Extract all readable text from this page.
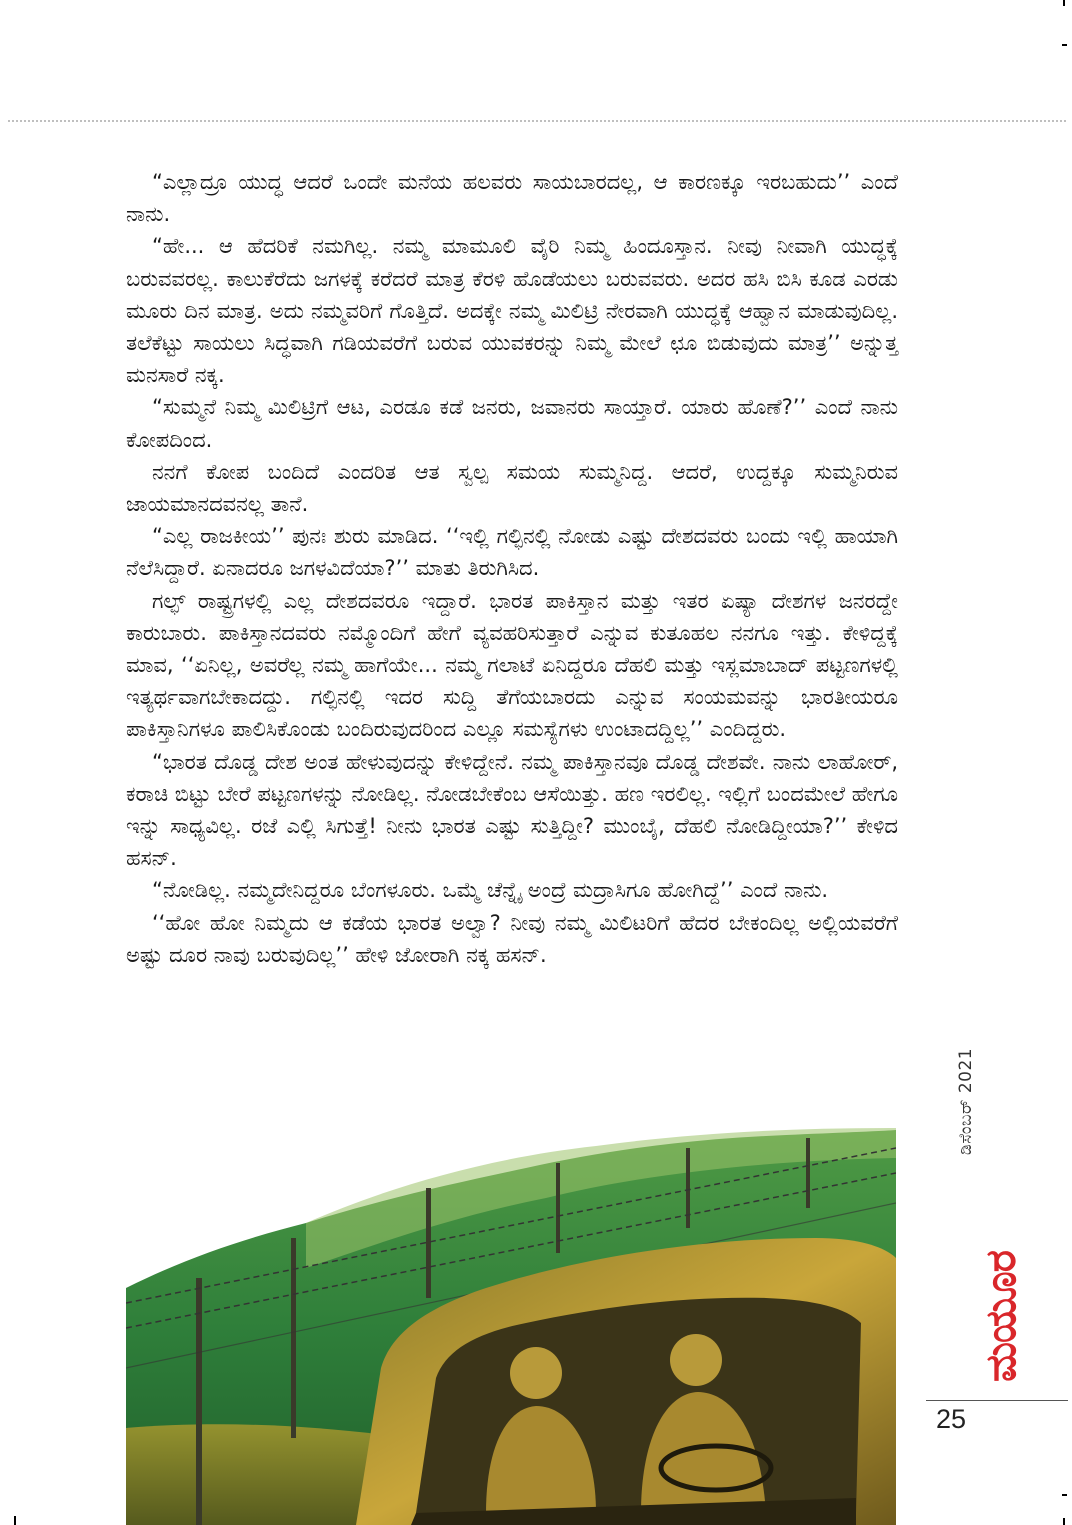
“ಎಲ್ಲಾದ್ರೂ ಯುದ್ಧ ಆದರೆ ಒಂದೇ ಮನೆಯ ಹಲವರು ಸಾಯಬಾರದಲ್ಲ, ಆ ಕಾರಣಕ್ಕೂ ಇರಬಹುದು’’ ಎಂದೆ ನಾನು.

“ಹೇ... ಆ ಹೆದರಿಕೆ ನಮಗಿಲ್ಲ. ನಮ್ಮ ಮಾಮೂಲಿ ವೈರಿ ನಿಮ್ಮ ಹಿಂದೂಸ್ತಾನ. ನೀವು ನೀವಾಗಿ ಯುದ್ಧಕ್ಕೆ ಬರುವವರಲ್ಲ. ಕಾಲುಕೆರೆದು ಜಗಳಕ್ಕೆ ಕರೆದರೆ ಮಾತ್ರ ಕೆರಳಿ ಹೊಡೆಯಲು ಬರುವವರು. ಅದರ ಹಸಿ ಬಿಸಿ ಕೂಡ ಎರಡು ಮೂರು ದಿನ ಮಾತ್ರ. ಅದು ನಮ್ಮವರಿಗೆ ಗೊತ್ತಿದೆ. ಅದಕ್ಕೇ ನಮ್ಮ ಮಿಲಿಟ್ರಿ ನೇರವಾಗಿ ಯುದ್ಧಕ್ಕೆ ಆಹ್ವಾನ ಮಾಡುವುದಿಲ್ಲ. ತಲೆಕೆಟ್ಟು ಸಾಯಲು ಸಿದ್ಧವಾಗಿ ಗಡಿಯವರೆಗೆ ಬರುವ ಯುವಕರನ್ನು ನಿಮ್ಮ ಮೇಲೆ ಛೂ ಬಿಡುವುದು ಮಾತ್ರ’’ ಅನ್ನುತ್ತ ಮನಸಾರೆ ನಕ್ಕ.

“ಸುಮ್ಮನೆ ನಿಮ್ಮ ಮಿಲಿಟ್ರಿಗೆ ಆಟ, ಎರಡೂ ಕಡೆ ಜನರು, ಜವಾನರು ಸಾಯ್ತಾರೆ. ಯಾರು ಹೊಣೆ?’’ ಎಂದೆ ನಾನು ಕೋಪದಿಂದ.

ನನಗೆ ಕೋಪ ಬಂದಿದೆ ಎಂದರಿತ ಆತ ಸ್ವಲ್ಪ ಸಮಯ ಸುಮ್ಮನಿದ್ದ. ಆದರೆ, ಉದ್ದಕ್ಕೂ ಸುಮ್ಮನಿರುವ ಜಾಯಮಾನದವನಲ್ಲ ತಾನೆ.

“ಎಲ್ಲ ರಾಜಕೀಯ’’ ಪುನಃ ಶುರು ಮಾಡಿದ. ‘‘ಇಲ್ಲಿ ಗಲ್ಫಿನಲ್ಲಿ ನೋಡು ಎಷ್ಟು ದೇಶದವರು ಬಂದು ಇಲ್ಲಿ ಹಾಯಾಗಿ ನೆಲೆಸಿದ್ದಾರೆ. ಏನಾದರೂ ಜಗಳವಿದೆಯಾ?’’ ಮಾತು ತಿರುಗಿಸಿದ.

ಗಲ್ಫ್ ರಾಷ್ಟ್ರಗಳಲ್ಲಿ ಎಲ್ಲ ದೇಶದವರೂ ಇದ್ದಾರೆ. ಭಾರತ ಪಾಕಿಸ್ತಾನ ಮತ್ತು ಇತರ ಏಷ್ಯಾ ದೇಶಗಳ ಜನರದ್ದೇ ಕಾರುಬಾರು. ಪಾಕಿಸ್ತಾನದವರು ನಮ್ಮೊಂದಿಗೆ ಹೇಗೆ ವ್ಯವಹರಿಸುತ್ತಾರೆ ಎನ್ನುವ ಕುತೂಹಲ ನನಗೂ ಇತ್ತು. ಕೇಳಿದ್ದಕ್ಕೆ ಮಾವ, ‘‘ಏನಿಲ್ಲ, ಅವರೆಲ್ಲ ನಮ್ಮ ಹಾಗೆಯೇ... ನಮ್ಮ ಗಲಾಟೆ ಏನಿದ್ದರೂ ದೆಹಲಿ ಮತ್ತು ಇಸ್ಲಮಾಬಾದ್ ಪಟ್ಟಣಗಳಲ್ಲಿ ಇತ್ಯರ್ಥವಾಗಬೇಕಾದದ್ದು. ಗಲ್ಫಿನಲ್ಲಿ ಇದರ ಸುದ್ದಿ ತೆಗೆಯಬಾರದು ಎನ್ನುವ ಸಂಯಮವನ್ನು ಭಾರತೀಯರೂ ಪಾಕಿಸ್ತಾನಿಗಳೂ ಪಾಲಿಸಿಕೊಂಡು ಬಂದಿರುವುದರಿಂದ ಎಲ್ಲೂ ಸಮಸ್ಯೆಗಳು ಉಂಟಾದದ್ದಿಲ್ಲ’’ ಎಂದಿದ್ದರು.

“ಭಾರತ ದೊಡ್ಡ ದೇಶ ಅಂತ ಹೇಳುವುದನ್ನು ಕೇಳಿದ್ದೇನೆ. ನಮ್ಮ ಪಾಕಿಸ್ತಾನವೂ ದೊಡ್ಡ ದೇಶವೇ. ನಾನು ಲಾಹೋರ್, ಕರಾಚಿ ಬಿಟ್ಟು ಬೇರೆ ಪಟ್ಟಣಗಳನ್ನು ನೋಡಿಲ್ಲ. ನೋಡಬೇಕೆಂಬ ಆಸೆಯಿತ್ತು. ಹಣ ಇರಲಿಲ್ಲ. ಇಲ್ಲಿಗೆ ಬಂದಮೇಲೆ ಹೇಗೂ ಇನ್ನು ಸಾಧ್ಯವಿಲ್ಲ. ರಜೆ ಎಲ್ಲಿ ಸಿಗುತ್ತೆ! ನೀನು ಭಾರತ ಎಷ್ಟು ಸುತ್ತಿದ್ದೀ? ಮುಂಬೈ, ದೆಹಲಿ ನೋಡಿದ್ದೀಯಾ?’’ ಕೇಳಿದ ಹಸನ್.

“ನೋಡಿಲ್ಲ. ನಮ್ಮದೇನಿದ್ದರೂ ಬೆಂಗಳೂರು. ಒಮ್ಮೆ ಚೆನ್ನೈ ಅಂದ್ರೆ ಮದ್ರಾಸಿಗೂ ಹೋಗಿದ್ದೆ’’ ಎಂದೆ ನಾನು.

‘‘ಹೋ ಹೋ ನಿಮ್ಮದು ಆ ಕಡೆಯ ಭಾರತ ಅಲ್ವಾ? ನೀವು ನಮ್ಮ ಮಿಲಿಟರಿಗೆ ಹೆದರ ಬೇಕಂದಿಲ್ಲ ಅಲ್ಲಿಯವರೆಗೆ ಅಷ್ಟು ದೂರ ನಾವು ಬರುವುದಿಲ್ಲ’’ ಹೇಳಿ ಜೋರಾಗಿ ನಕ್ಕ ಹಸನ್.

ಡಿಸೆಂಬರ್ 2021
ಮಯೂರ
25
